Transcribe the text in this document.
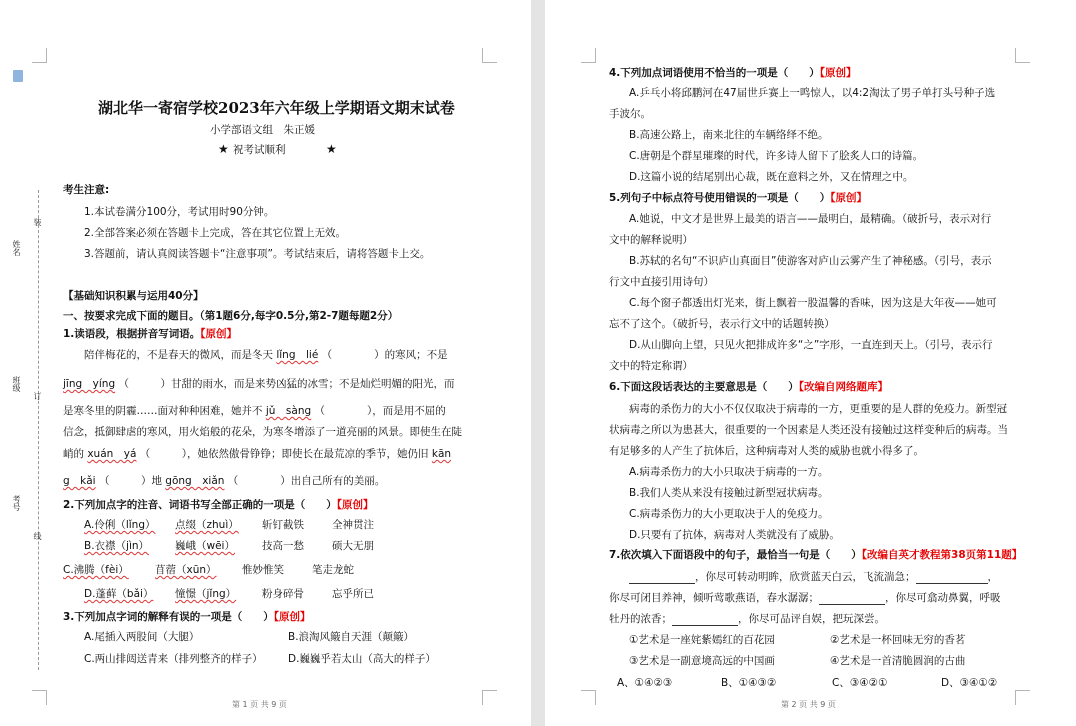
姓名
班级
考号
装
订
线
湖北华一寄宿学校2023年六年级上学期语文期末试卷
小学部语文组　朱正媛
★ 祝考试顺利	★
考生注意:
1.本试卷满分100分，考试用时90分钟。
2.全部答案必须在答题卡上完成，答在其它位置上无效。
3.答题前，请认真阅读答题卡“注意事项”。考试结束后，请将答题卡上交。
【基础知识积累与运用40分】
一、按要求完成下面的题目。（第1题6分,每字0.5分,第2-7题每题2分）
1.读语段，根据拼音写词语。【原创】
陪伴梅花的，不是春天的微风，而是冬天 lǐng　lié （　　　　）的寒风；不是
jīng　yíng （　　　）甘甜的雨水，而是来势凶猛的冰雪；不是灿烂明媚的阳光，而
是寒冬里的阴霾……面对种种困难，她并不 jǔ　sàng （　　　　），而是用不屈的
信念，抵御肆虐的寒风，用火焰般的花朵，为寒冬增添了一道亮丽的风景。即使生在陡
峭的 xuán　yá （　　　），她依然傲骨铮铮；即使长在最荒凉的季节，她仍旧 kān
g　kǎi （　　　）地 gōng　xiǎn （　　　　）出自己所有的美丽。
2.下列加点字的注音、词语书写全部正确的一项是（　　）【原创】
A.伶俐（lǐng） 点缀（zhuì） 斩钉截铁	全神贯注
B.衣襟（jìn） 巍峨（wēi）	技高一愁	硕大无朋
C.沸腾（fèi）	苜蓿（xūn） 惟妙惟笑	笔走龙蛇
D.蓬藓（bǎi） 憧憬（jǐng） 粉身碎骨	忘乎所已
3.下列加点字词的解释有误的一项是（　　）【原创】
A.尾插入两股间（大腿）	B.浪淘风簸自天涯（颠簸）
C.两山排闼送青来（排列整齐的样子） D.巍巍乎若太山（高大的样子）
第 1 页 共 9 页
4.下列加点词语使用不恰当的一项是（　　）【原创】
A.乒乓小将邱鹏河在47届世乒赛上一鸣惊人，以4:2淘汰了男子单打头号种子选
手波尔。
B.高速公路上，南来北往的车辆络绎不绝。
C.唐朝是个群星璀璨的时代，许多诗人留下了脍炙人口的诗篇。
D.这篇小说的结尾别出心裁，既在意料之外，又在情理之中。
5.列句子中标点符号使用错误的一项是（　　）【原创】
A.她说，中文才是世界上最美的语言——最明白，最精确。（破折号，表示对行
文中的解释说明）
B.苏轼的名句“不识庐山真面目”使游客对庐山云雾产生了神秘感。（引号，表示
行文中直接引用诗句）
C.每个窗子都透出灯光来，街上飘着一股温馨的香味，因为这是大年夜——她可
忘不了这个。（破折号，表示行文中的话题转换）
D.从山脚向上望，只见火把排成许多“之”字形，一直连到天上。（引号，表示行
文中的特定称谓）
6.下面这段话表达的主要意思是（　　）【改编自网络题库】
病毒的杀伤力的大小不仅仅取决于病毒的一方，更重要的是人群的免疫力。新型冠
状病毒之所以为患甚大，很重要的一个因素是人类还没有接触过这样变种后的病毒。当
有足够多的人产生了抗体后，这种病毒对人类的威胁也就小得多了。
A.病毒杀伤力的大小只取决于病毒的一方。
B.我们人类从来没有接触过新型冠状病毒。
C.病毒杀伤力的大小更取决于人的免疫力。
D.只要有了抗体，病毒对人类就没有了威胁。
7.依次填入下面语段中的句子，最恰当一句是（　　）【改编自英才教程第38页第11题】
，你尽可转动明眸，欣赏蓝天白云，飞流湍急；	，
你尽可闭目养神，倾听莺歌燕语，春水潺潺；	，你尽可翕动鼻翼，呼吸
牡丹的浓香；	，你尽可品评自娱，把玩深尝。
①艺术是一座姹紫嫣红的百花园	②艺术是一杯回味无穷的香茗
③艺术是一副意境高远的中国画	④艺术是一首清脆圆润的古曲
A、①④②③	B、①④③②	C、③④②①	D、③④①②
第 2 页 共 9 页
